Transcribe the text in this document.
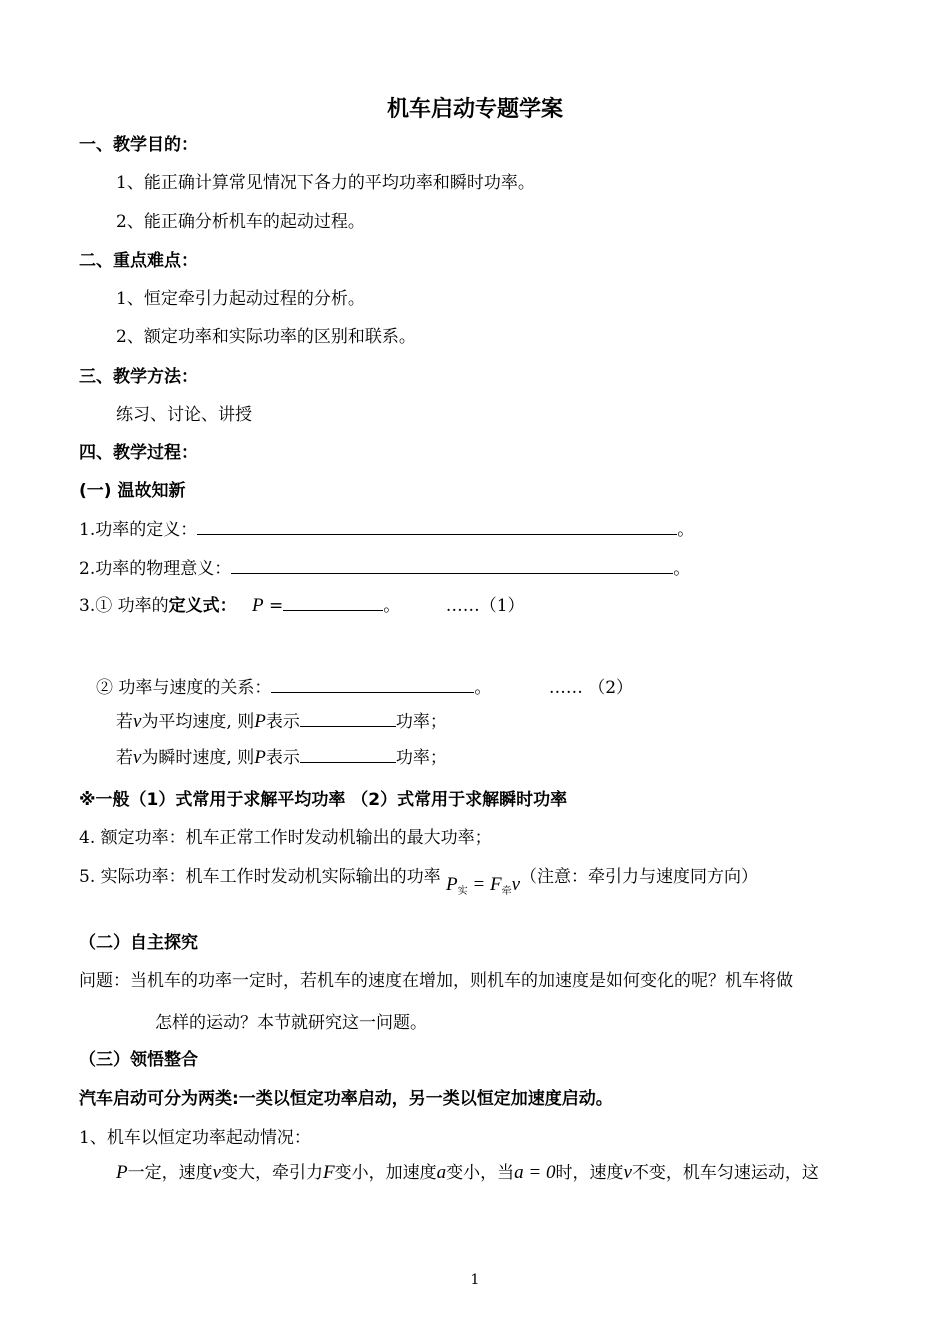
机车启动专题学案
一、教学目的：
1、能正确计算常见情况下各力的平均功率和瞬时功率。
2、能正确分析机车的起动过程。
二、重点难点：
1、恒定牵引力起动过程的分析。
2、额定功率和实际功率的区别和联系。
三、教学方法：
练习、讨论、讲授
四、教学过程：
(一) 温故知新
1.功率的定义：	。
2.功率的物理意义：	。
3.① 功率的定义式： P =	。	……（1）
② 功率与速度的关系：	。	…… （2）
若v为平均速度, 则P表示	功率；
若v为瞬时速度, 则P表示	功率；
※一般（1）式常用于求解平均功率 （2）式常用于求解瞬时功率
4. 额定功率：机车正常工作时发动机输出的最大功率；
5. 实际功率：机车工作时发动机实际输出的功率 $P_实 = F_牵v$（注意：牵引力与速度同方向）
（二）自主探究
问题：当机车的功率一定时，若机车的速度在增加，则机车的加速度是如何变化的呢？机车将做
怎样的运动？本节就研究这一问题。
（三）领悟整合
汽车启动可分为两类:一类以恒定功率启动，另一类以恒定加速度启动。
1、机车以恒定功率起动情况：
P一定，速度v变大，牵引力F变小，加速度a变小，当a = 0时，速度v不变，机车匀速运动，这
1
